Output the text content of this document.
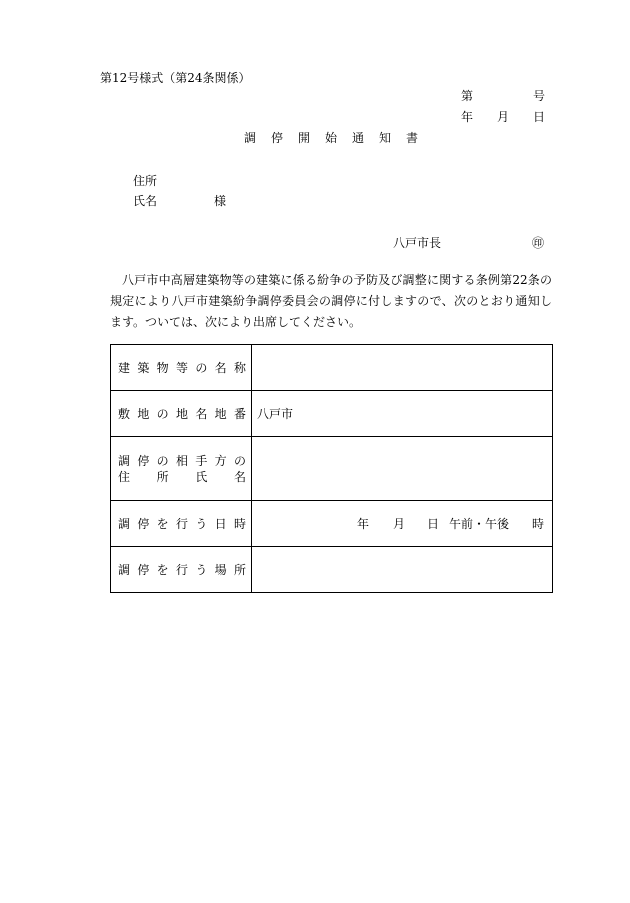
第12号様式（第24条関係）
第	号
年 月 日
調停開始通知書
住所
氏名	様
八戸市長	㊞
八戸市中高層建築物等の建築に係る紛争の予防及び調整に関する条例第22条の規定により八戸市建築紛争調停委員会の調停に付しますので、次のとおり通知します。ついては、次により出席してください。
建築物等の名称	
敷地の地名地番	八戸市

調停の相手方の
住所氏名	

調停を行う日時	年 月 日 午前・午後 時

調停を行う場所	
